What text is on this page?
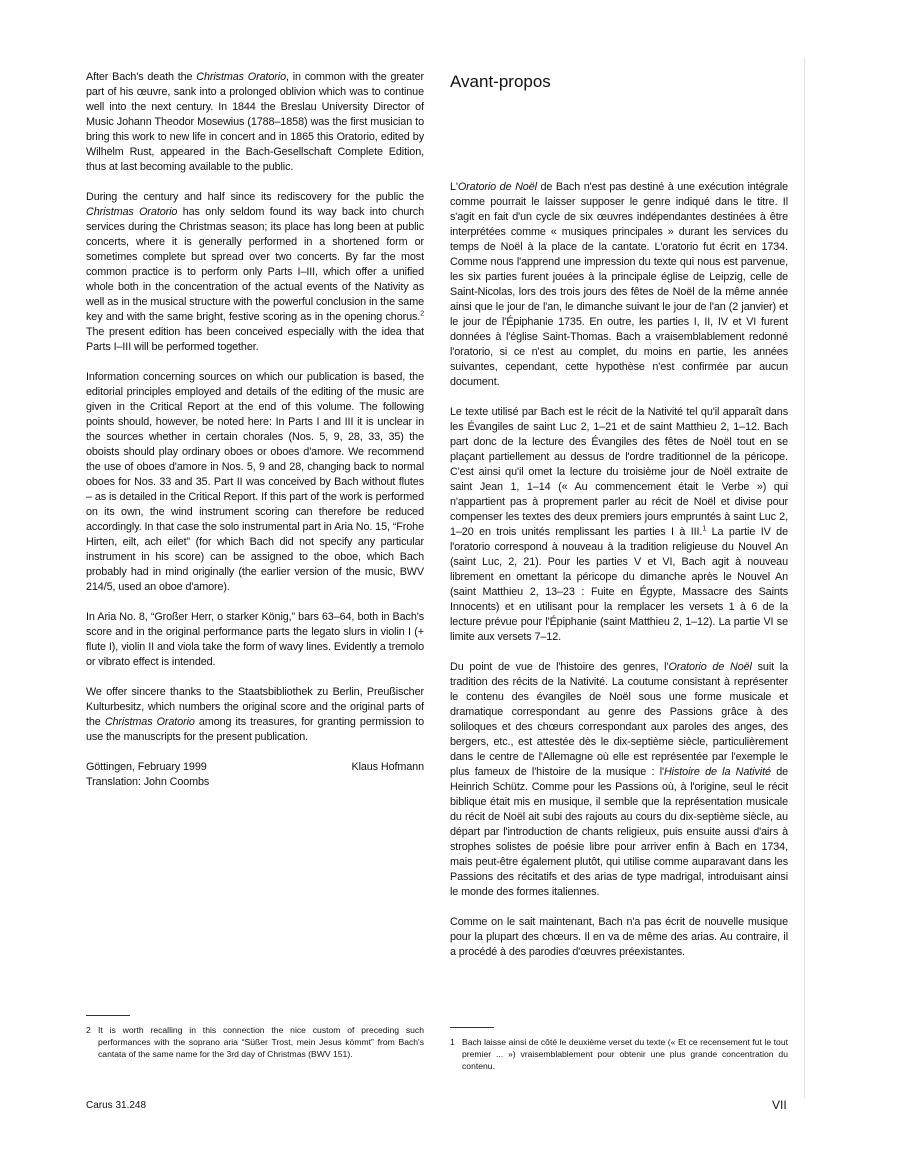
After Bach's death the Christmas Oratorio, in common with the greater part of his œuvre, sank into a prolonged oblivion which was to continue well into the next century. In 1844 the Breslau University Director of Music Johann Theodor Mosewius (1788–1858) was the first musician to bring this work to new life in concert and in 1865 this Oratorio, edited by Wilhelm Rust, appeared in the Bach-Gesellschaft Complete Edition, thus at last becoming available to the public.

During the century and half since its rediscovery for the public the Christmas Oratorio has only seldom found its way back into church services during the Christmas season; its place has long been at public concerts, where it is generally performed in a shortened form or sometimes complete but spread over two concerts. By far the most common practice is to perform only Parts I–III, which offer a unified whole both in the concentration of the actual events of the Nativity as well as in the musical structure with the powerful conclusion in the same key and with the same bright, festive scoring as in the opening chorus.$^2$ The present edition has been conceived especially with the idea that Parts I–III will be performed together.

Information concerning sources on which our publication is based, the editorial principles employed and details of the editing of the music are given in the Critical Report at the end of this volume. The following points should, however, be noted here: In Parts I and III it is unclear in the sources whether in certain chorales (Nos. 5, 9, 28, 33, 35) the oboists should play ordinary oboes or oboes d'amore. We recommend the use of oboes d'amore in Nos. 5, 9 and 28, changing back to normal oboes for Nos. 33 and 35. Part II was conceived by Bach without flutes – as is detailed in the Critical Report. If this part of the work is performed on its own, the wind instrument scoring can therefore be reduced accordingly. In that case the solo instrumental part in Aria No. 15, “Frohe Hirten, eilt, ach eilet” (for which Bach did not specify any particular instrument in his score) can be assigned to the oboe, which Bach probably had in mind originally (the earlier version of the music, BWV 214/5, used an oboe d'amore).

In Aria No. 8, “Großer Herr, o starker König,” bars 63–64, both in Bach's score and in the original performance parts the legato slurs in violin I (+ flute I), violin II and viola take the form of wavy lines. Evidently a tremolo or vibrato effect is intended.

We offer sincere thanks to the Staatsbibliothek zu Berlin, Preußischer Kulturbesitz, which numbers the original score and the original parts of the Christmas Oratorio among its treasures, for granting permission to use the manuscripts for the present publication.

Göttingen, February 1999	Klaus Hofmann
Translation: John Coombs
2 It is worth recalling in this connection the nice custom of preceding such performances with the soprano aria “Süßer Trost, mein Jesus kömmt” from Bach's cantata of the same name for the 3rd day of Christmas (BWV 151).
Avant-propos

L'Oratorio de Noël de Bach n'est pas destiné à une exécution intégrale comme pourrait le laisser supposer le genre indiqué dans le titre. Il s'agit en fait d'un cycle de six œuvres indépendantes destinées à être interprétées comme « musiques principales » durant les services du temps de Noël à la place de la cantate. L'oratorio fut écrit en 1734. Comme nous l'apprend une impression du texte qui nous est parvenue, les six parties furent jouées à la principale église de Leipzig, celle de Saint-Nicolas, lors des trois jours des fêtes de Noël de la même année ainsi que le jour de l'an, le dimanche suivant le jour de l'an (2 janvier) et le jour de l'Épiphanie 1735. En outre, les parties I, II, IV et VI furent données à l'église Saint-Thomas. Bach a vraisemblablement redonné l'oratorio, si ce n'est au complet, du moins en partie, les années suivantes, cependant, cette hypothèse n'est confirmée par aucun document.

Le texte utilisé par Bach est le récit de la Nativité tel qu'il apparaît dans les Évangiles de saint Luc 2, 1–21 et de saint Matthieu 2, 1–12. Bach part donc de la lecture des Évangiles des fêtes de Noël tout en se plaçant partiellement au dessus de l'ordre traditionnel de la péricope. C'est ainsi qu'il omet la lecture du troisième jour de Noël extraite de saint Jean 1, 1–14 (« Au commencement était le Verbe ») qui n'appartient pas à proprement parler au récit de Noël et divise pour compenser les textes des deux premiers jours empruntés à saint Luc 2, 1–20 en trois unités remplissant les parties I à III.$^1$ La partie IV de l'oratorio correspond à nouveau à la tradition religieuse du Nouvel An (saint Luc, 2, 21). Pour les parties V et VI, Bach agit à nouveau librement en omettant la péricope du dimanche après le Nouvel An (saint Matthieu 2, 13–23 : Fuite en Égypte, Massacre des Saints Innocents) et en utilisant pour la remplacer les versets 1 à 6 de la lecture prévue pour l'Épiphanie (saint Matthieu 2, 1–12). La partie VI se limite aux versets 7–12.

Du point de vue de l'histoire des genres, l'Oratorio de Noël suit la tradition des récits de la Nativité. La coutume consistant à représenter le contenu des évangiles de Noël sous une forme musicale et dramatique correspondant au genre des Passions grâce à des soliloques et des chœurs correspondant aux paroles des anges, des bergers, etc., est attestée dès le dix-septième siècle, particulièrement dans le centre de l'Allemagne où elle est représentée par l'exemple le plus fameux de l'histoire de la musique : l'Histoire de la Nativité de Heinrich Schütz. Comme pour les Passions où, à l'origine, seul le récit biblique était mis en musique, il semble que la représentation musicale du récit de Noël ait subi des rajouts au cours du dix-septième siècle, au départ par l'introduction de chants religieux, puis ensuite aussi d'airs à strophes solistes de poésie libre pour arriver enfin à Bach en 1734, mais peut-être également plutôt, qui utilise comme auparavant dans les Passions des récitatifs et des arias de type madrigal, introduisant ainsi le monde des formes italiennes.

Comme on le sait maintenant, Bach n'a pas écrit de nouvelle musique pour la plupart des chœurs. Il en va de même des arias. Au contraire, il a procédé à des parodies d'œuvres préexistantes.

1 Bach laisse ainsi de côté le deuxième verset du texte (« Et ce recensement fut le tout premier ... ») vraisemblablement pour obtenir une plus grande concentration du contenu.
Carus 31.248	VII
